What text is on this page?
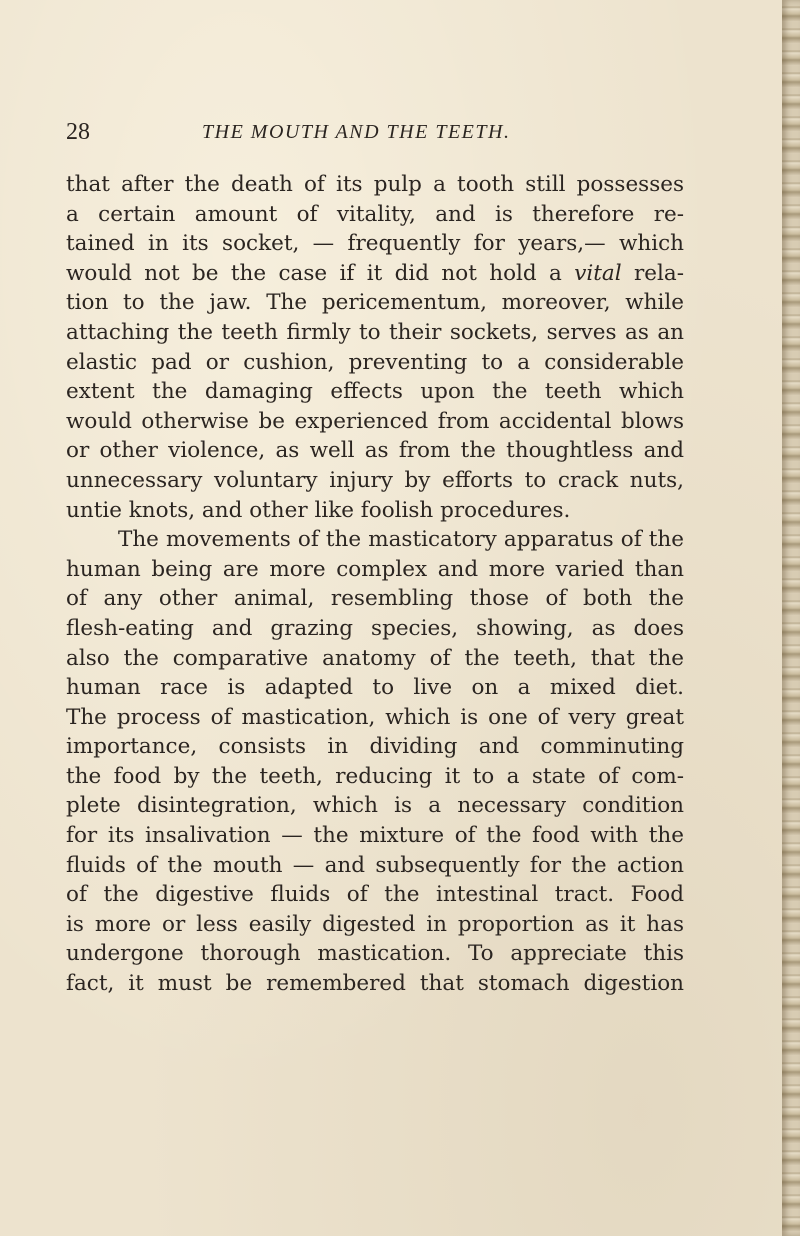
28	THE MOUTH AND THE TEETH.
that after the death of its pulp a tooth still possesses
a certain amount of vitality, and is therefore re-
tained in its socket, — frequently for years,— which
would not be the case if it did not hold a vital rela-
tion to the jaw. The pericementum, moreover, while
attaching the teeth firmly to their sockets, serves as an
elastic pad or cushion, preventing to a considerable
extent the damaging effects upon the teeth which
would otherwise be experienced from accidental blows
or other violence, as well as from the thoughtless and
unnecessary voluntary injury by efforts to crack nuts,
untie knots, and other like foolish procedures.
The movements of the masticatory apparatus of the
human being are more complex and more varied than
of any other animal, resembling those of both the
flesh-eating and grazing species, showing, as does
also the comparative anatomy of the teeth, that the
human race is adapted to live on a mixed diet.
The process of mastication, which is one of very great
importance, consists in dividing and comminuting
the food by the teeth, reducing it to a state of com-
plete disintegration, which is a necessary condition
for its insalivation — the mixture of the food with the
fluids of the mouth — and subsequently for the action
of the digestive fluids of the intestinal tract. Food
is more or less easily digested in proportion as it has
undergone thorough mastication. To appreciate this
fact, it must be remembered that stomach digestion
